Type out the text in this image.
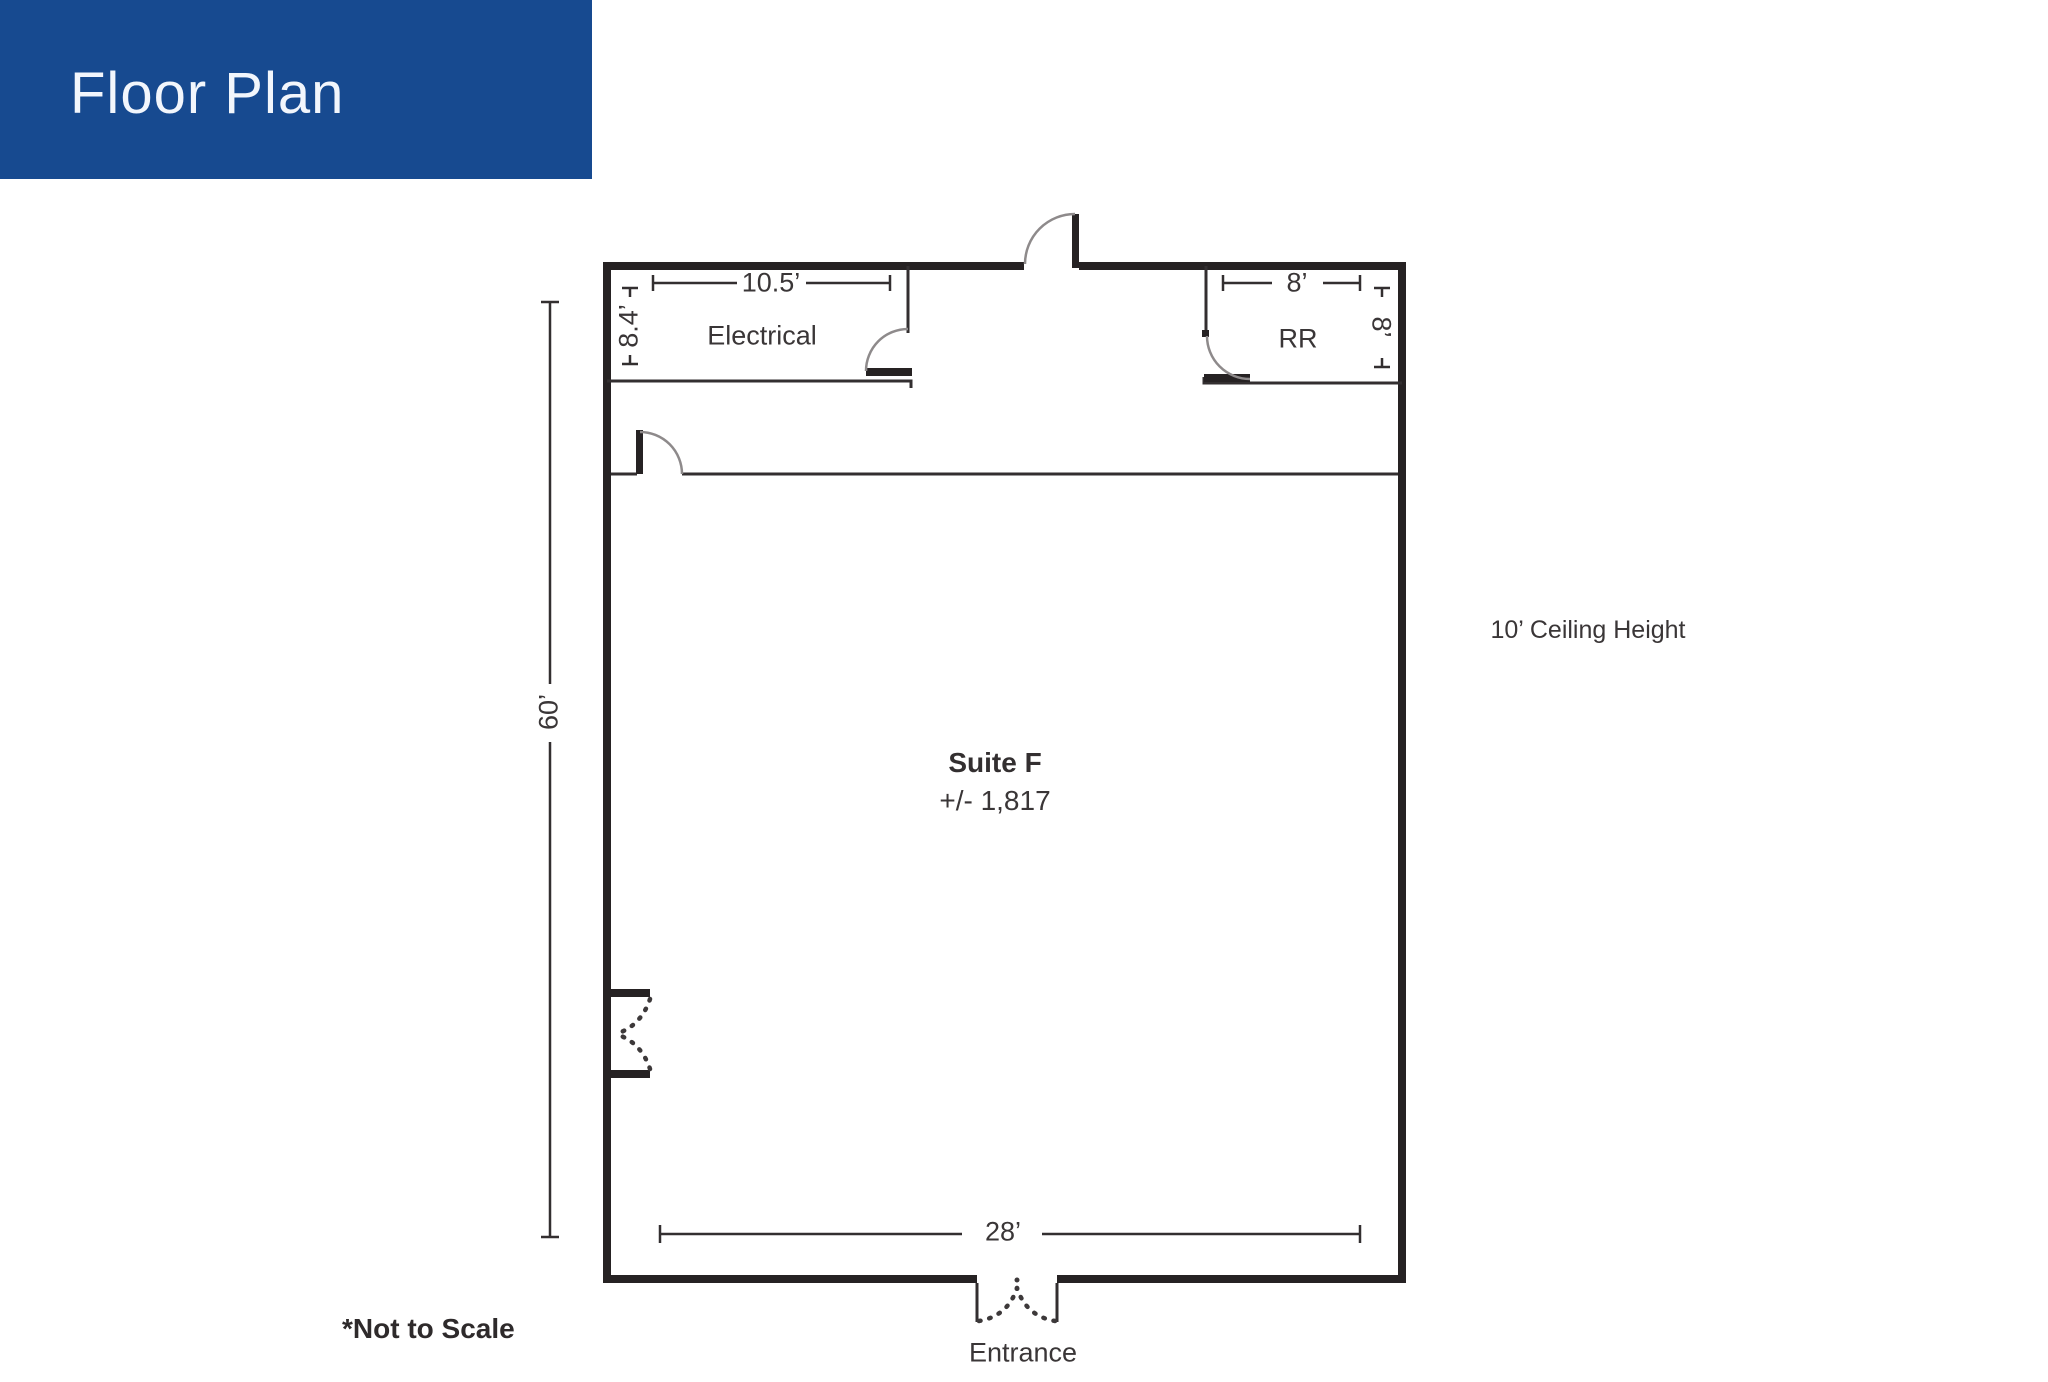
Floor Plan
10.5’
8.4’ Electrical
8’
8’
RR
60’
Suite F
+/- 1,817
10’ Ceiling Height
28’
Entrance
*Not to Scale
